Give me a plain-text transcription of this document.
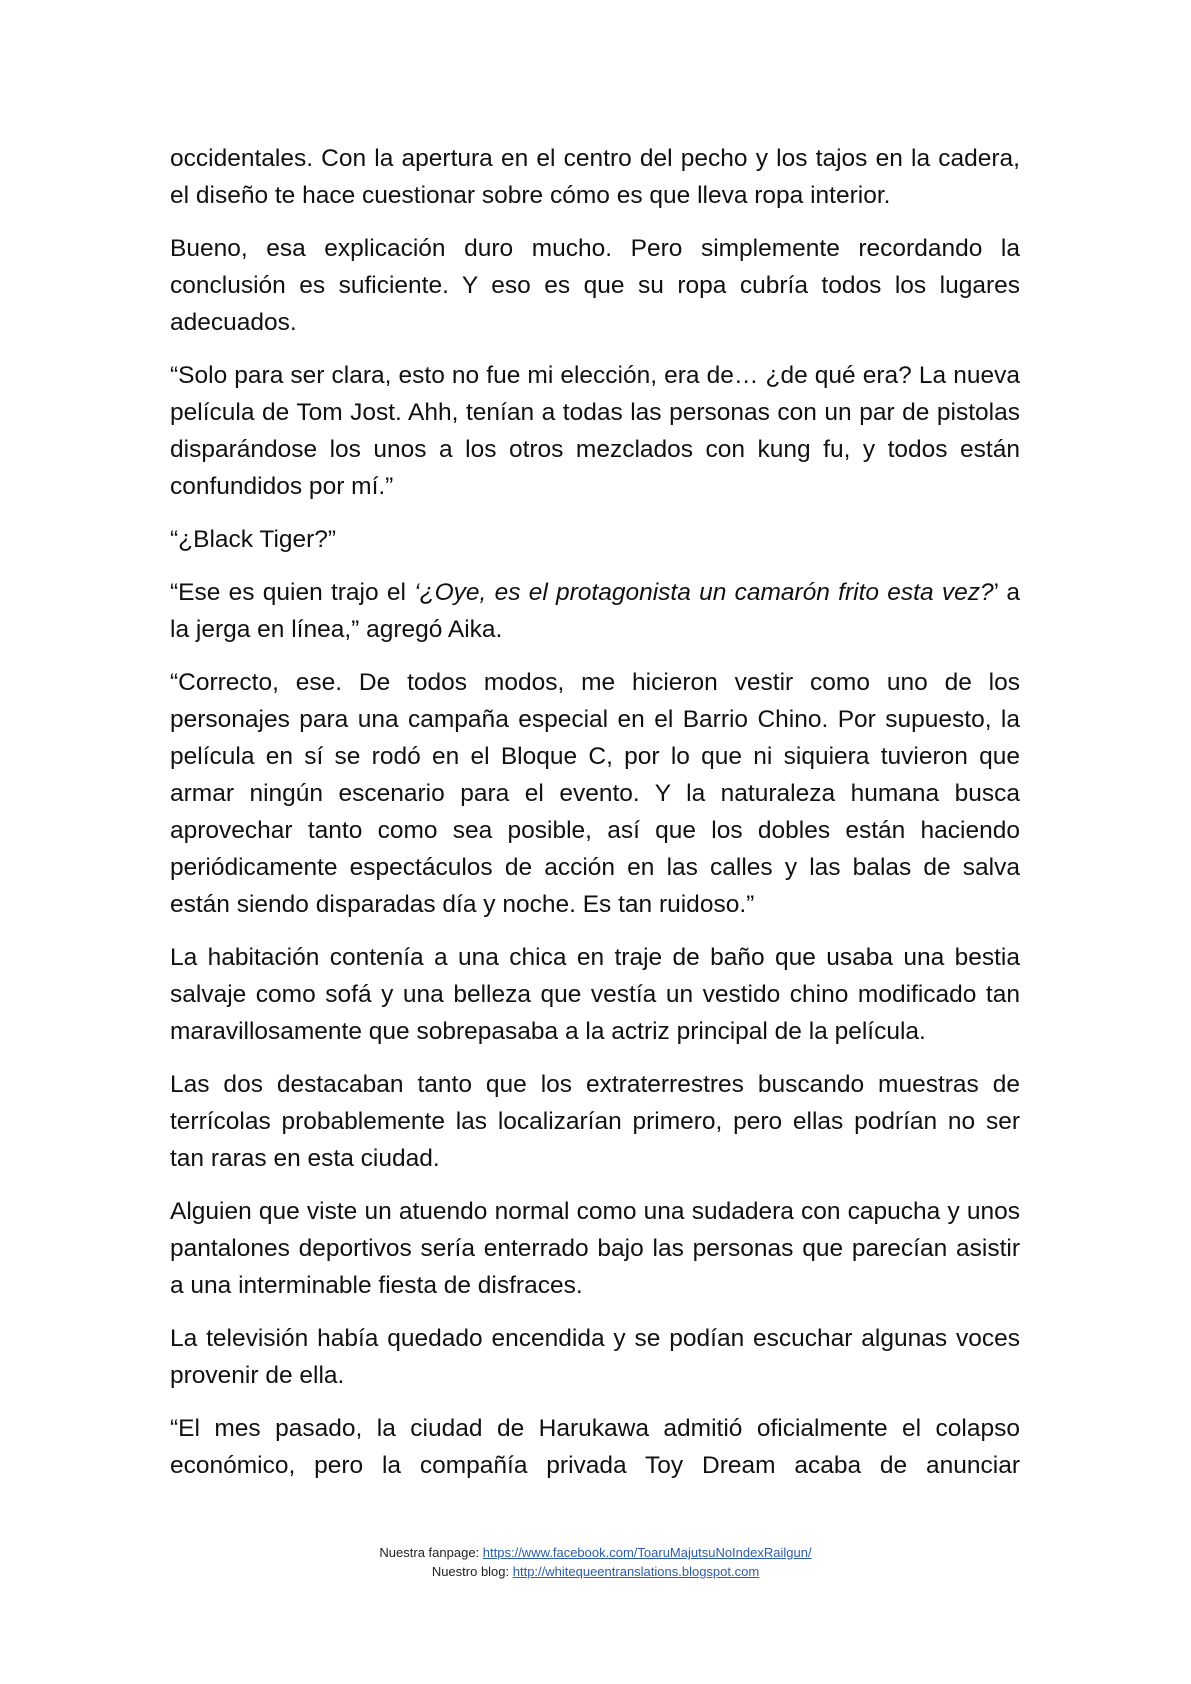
occidentales. Con la apertura en el centro del pecho y los tajos en la cadera, el diseño te hace cuestionar sobre cómo es que lleva ropa interior.

Bueno, esa explicación duro mucho. Pero simplemente recordando la conclusión es suficiente. Y eso es que su ropa cubría todos los lugares adecuados.

“Solo para ser clara, esto no fue mi elección, era de… ¿de qué era? La nueva película de Tom Jost. Ahh, tenían a todas las personas con un par de pistolas disparándose los unos a los otros mezclados con kung fu, y todos están confundidos por mí.”

“¿Black Tiger?”

“Ese es quien trajo el ‘¿Oye, es el protagonista un camarón frito esta vez?’ a la jerga en línea,” agregó Aika.

“Correcto, ese. De todos modos, me hicieron vestir como uno de los personajes para una campaña especial en el Barrio Chino. Por supuesto, la película en sí se rodó en el Bloque C, por lo que ni siquiera tuvieron que armar ningún escenario para el evento. Y la naturaleza humana busca aprovechar tanto como sea posible, así que los dobles están haciendo periódicamente espectáculos de acción en las calles y las balas de salva están siendo disparadas día y noche. Es tan ruidoso.”

La habitación contenía a una chica en traje de baño que usaba una bestia salvaje como sofá y una belleza que vestía un vestido chino modificado tan maravillosamente que sobrepasaba a la actriz principal de la película.

Las dos destacaban tanto que los extraterrestres buscando muestras de terrícolas probablemente las localizarían primero, pero ellas podrían no ser tan raras en esta ciudad.

Alguien que viste un atuendo normal como una sudadera con capucha y unos pantalones deportivos sería enterrado bajo las personas que parecían asistir a una interminable fiesta de disfraces.

La televisión había quedado encendida y se podían escuchar algunas voces provenir de ella.

“El mes pasado, la ciudad de Harukawa admitió oficialmente el colapso económico, pero la compañía privada Toy Dream acaba de anunciar

Nuestra fanpage: https://www.facebook.com/ToaruMajutsuNoIndexRailgun/
Nuestro blog: http://whitequeentranslations.blogspot.com
